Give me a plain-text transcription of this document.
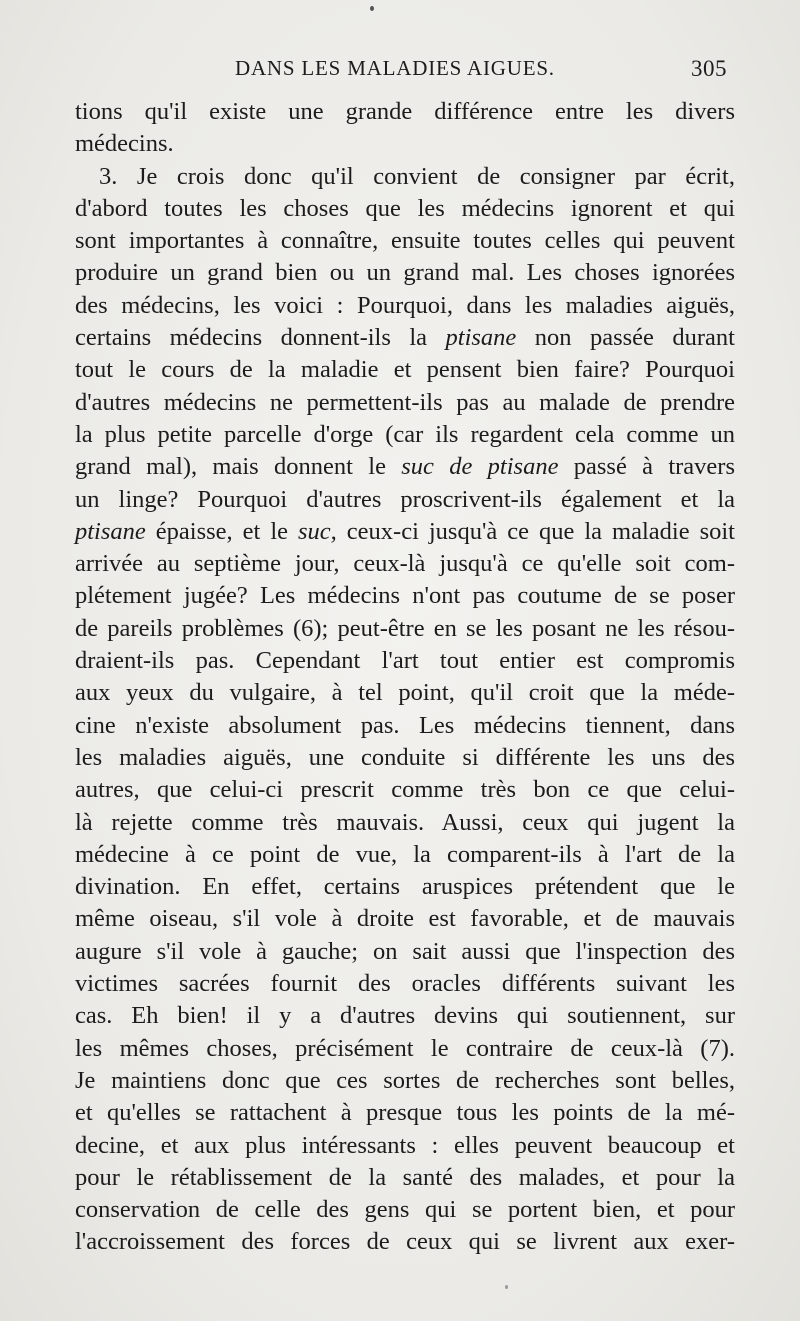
DANS LES MALADIES AIGUES.	305
tions qu'il existe une grande différence entre les divers
médecins.
3. Je crois donc qu'il convient de consigner par écrit,
d'abord toutes les choses que les médecins ignorent et qui
sont importantes à connaître, ensuite toutes celles qui peuvent
produire un grand bien ou un grand mal. Les choses ignorées
des médecins, les voici : Pourquoi, dans les maladies aiguës,
certains médecins donnent-ils la ptisane non passée durant
tout le cours de la maladie et pensent bien faire? Pourquoi
d'autres médecins ne permettent-ils pas au malade de prendre
la plus petite parcelle d'orge (car ils regardent cela comme un
grand mal), mais donnent le suc de ptisane passé à travers
un linge? Pourquoi d'autres proscrivent-ils également et la
ptisane épaisse, et le suc, ceux-ci jusqu'à ce que la maladie soit
arrivée au septième jour, ceux-là jusqu'à ce qu'elle soit com-
plétement jugée? Les médecins n'ont pas coutume de se poser
de pareils problèmes (6); peut-être en se les posant ne les résou-
draient-ils pas. Cependant l'art tout entier est compromis
aux yeux du vulgaire, à tel point, qu'il croit que la méde-
cine n'existe absolument pas. Les médecins tiennent, dans
les maladies aiguës, une conduite si différente les uns des
autres, que celui-ci prescrit comme très bon ce que celui-
là rejette comme très mauvais. Aussi, ceux qui jugent la
médecine à ce point de vue, la comparent-ils à l'art de la
divination. En effet, certains aruspices prétendent que le
même oiseau, s'il vole à droite est favorable, et de mauvais
augure s'il vole à gauche; on sait aussi que l'inspection des
victimes sacrées fournit des oracles différents suivant les
cas. Eh bien! il y a d'autres devins qui soutiennent, sur
les mêmes choses, précisément le contraire de ceux-là (7).
Je maintiens donc que ces sortes de recherches sont belles,
et qu'elles se rattachent à presque tous les points de la mé-
decine, et aux plus intéressants : elles peuvent beaucoup et
pour le rétablissement de la santé des malades, et pour la
conservation de celle des gens qui se portent bien, et pour
l'accroissement des forces de ceux qui se livrent aux exer-
